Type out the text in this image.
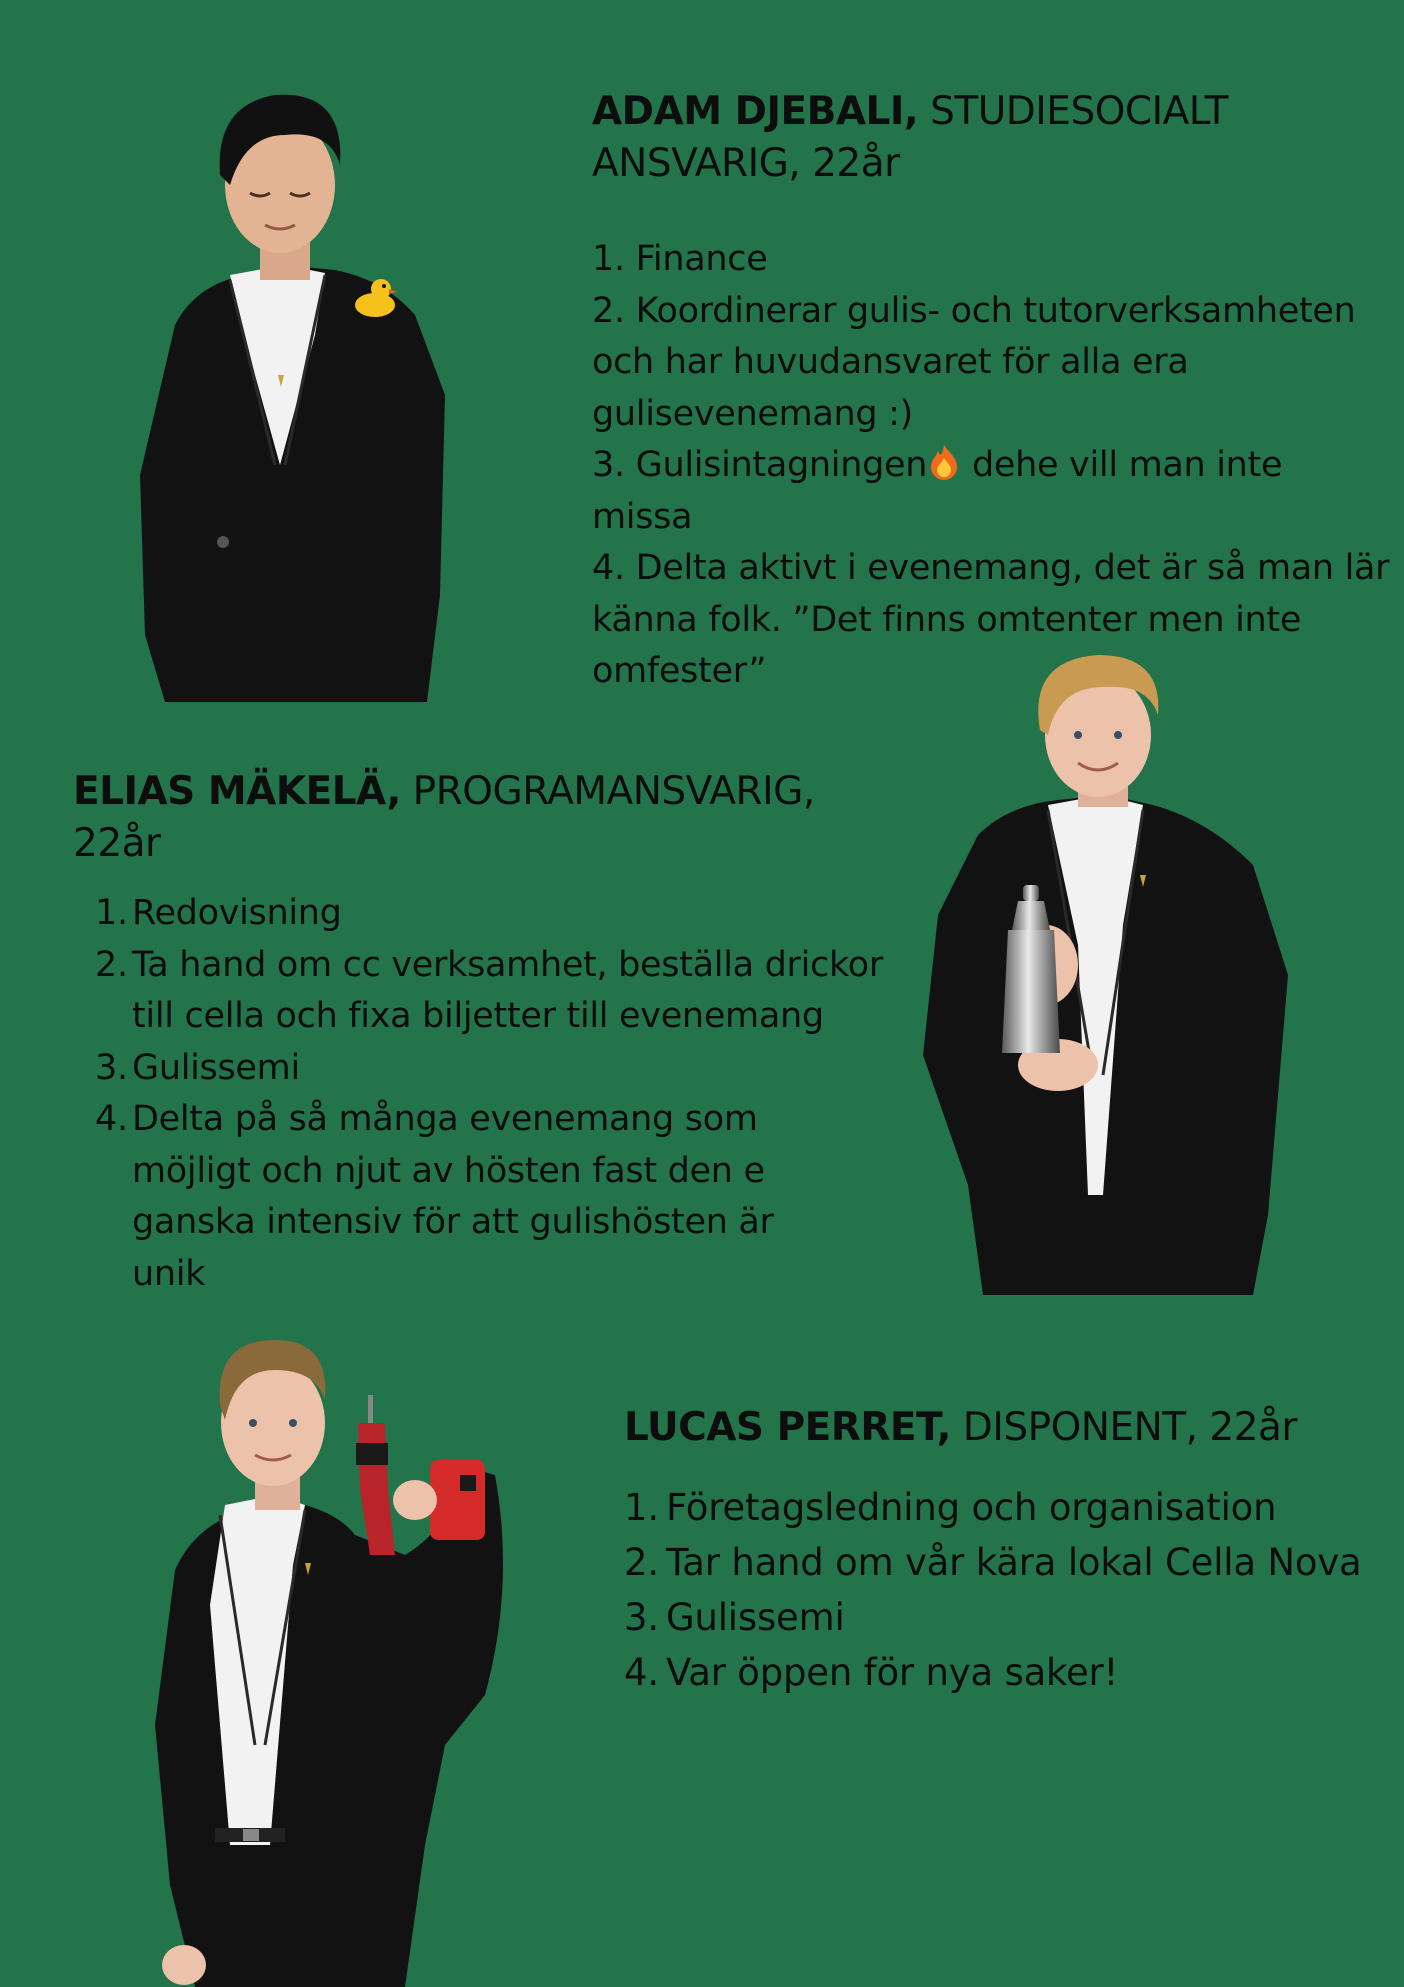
ADAM DJEBALI, STUDIESOCIALT
ANSVARIG, 22år

1. Finance
2. Koordinerar gulis- och tutorverksamheten och har huvudansvaret för alla era gulisevenemang :)
3. Gulisintagningen dehe vill man inte missa
4. Delta aktivt i evenemang, det är så man lär känna folk. ”Det finns omtenter men inte omfester”

ELIAS MÄKELÄ, PROGRAMANSVARIG, 22år

1. Redovisning
2. Ta hand om cc verksamhet, beställa drickor till cella och fixa biljetter till evenemang
3. Gulissemi
4. Delta på så många evenemang som möjligt och njut av hösten fast den e ganska intensiv för att gulishösten är unik

LUCAS PERRET, DISPONENT, 22år

1. Företagsledning och organisation
2. Tar hand om vår kära lokal Cella Nova
3. Gulissemi
4. Var öppen för nya saker!
